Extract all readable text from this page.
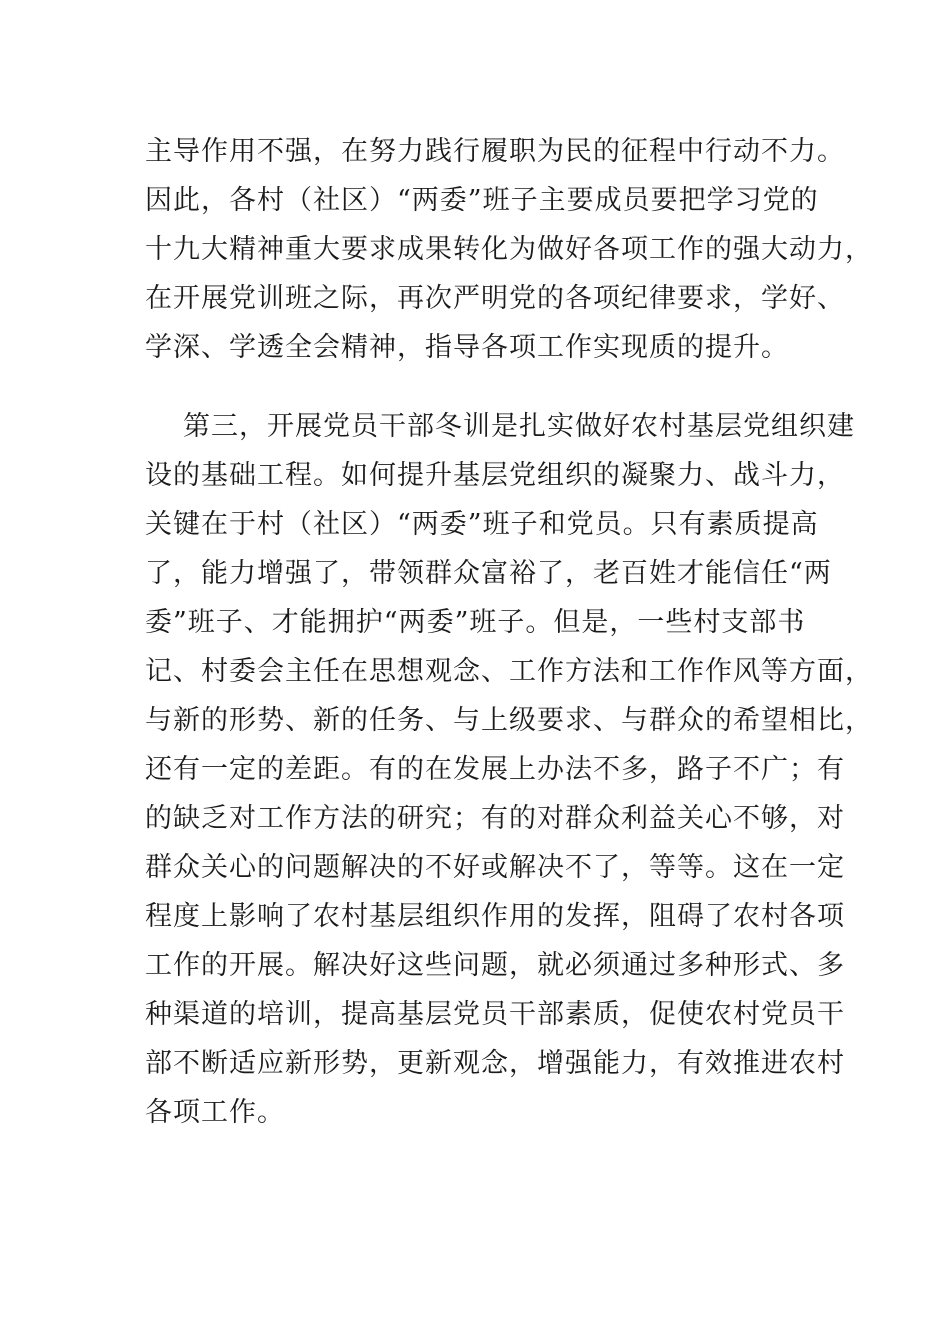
主导作用不强，在努力践行履职为民的征程中行动不力。
因此，各村（社区）“两委”班子主要成员要把学习党的
十九大精神重大要求成果转化为做好各项工作的强大动力，
在开展党训班之际，再次严明党的各项纪律要求，学好、
学深、学透全会精神，指导各项工作实现质的提升。
第三，开展党员干部冬训是扎实做好农村基层党组织建
设的基础工程。如何提升基层党组织的凝聚力、战斗力，
关键在于村（社区）“两委”班子和党员。只有素质提高
了，能力增强了，带领群众富裕了，老百姓才能信任“两
委”班子、才能拥护“两委”班子。但是，一些村支部书
记、村委会主任在思想观念、工作方法和工作作风等方面，
与新的形势、新的任务、与上级要求、与群众的希望相比，
还有一定的差距。有的在发展上办法不多，路子不广；有
的缺乏对工作方法的研究；有的对群众利益关心不够，对
群众关心的问题解决的不好或解决不了，等等。这在一定
程度上影响了农村基层组织作用的发挥，阻碍了农村各项
工作的开展。解决好这些问题，就必须通过多种形式、多
种渠道的培训，提高基层党员干部素质，促使农村党员干
部不断适应新形势，更新观念，增强能力，有效推进农村
各项工作。
